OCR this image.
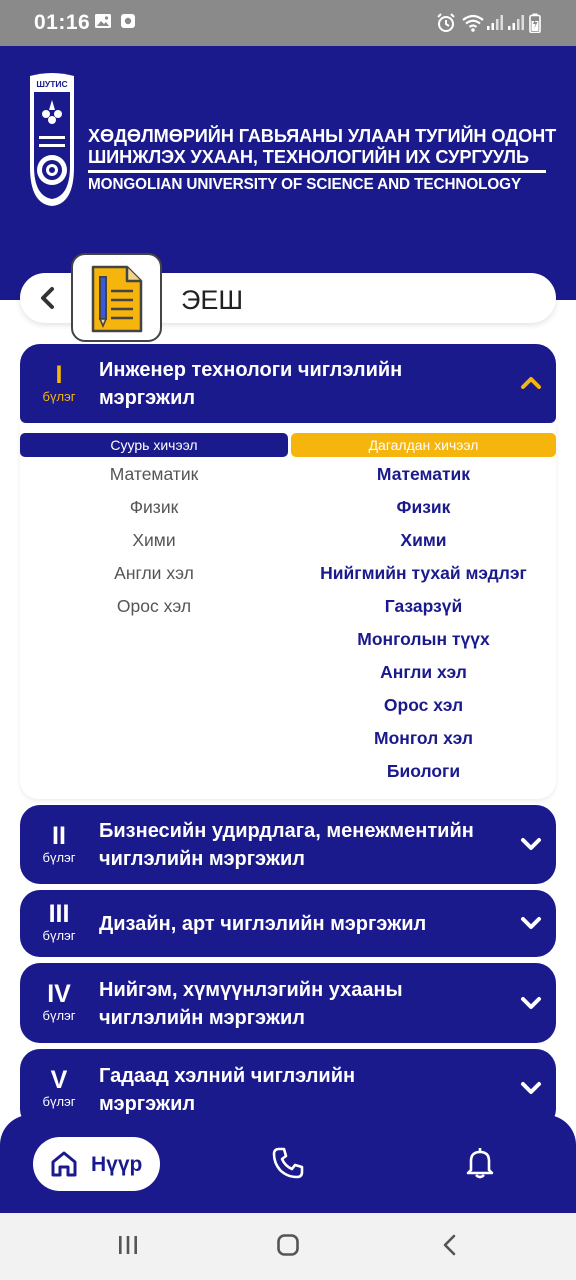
01:16
ШУТИС
ХӨДӨЛМӨРИЙН ГАВЬЯАНЫ УЛААН ТУГИЙН ОДОНТ
ШИНЖЛЭХ УХААН, ТЕХНОЛОГИЙН ИХ СУРГУУЛЬ
MONGOLIAN UNIVERSITY OF SCIENCE AND TECHNOLOGY
ЭЕШ
I
бүлэг
Инженер технологи чиглэлийн мэргэжил
Суурь хичээл	Дагалдан хичээл
Математик
Физик
Хими
Англи хэл
Орос хэл
Математик
Физик
Хими
Нийгмийн тухай мэдлэг
Газарзүй
Монголын түүх
Англи хэл
Орос хэл
Монгол хэл
Биологи
II
бүлэг
Бизнесийн удирдлага, менежментийн чиглэлийн мэргэжил
III
бүлэг
Дизайн, арт чиглэлийн мэргэжил
IV
бүлэг
Нийгэм, хүмүүнлэгийн ухааны чиглэлийн мэргэжил
V
бүлэг
Гадаад хэлний чиглэлийн мэргэжил
Нүүр
